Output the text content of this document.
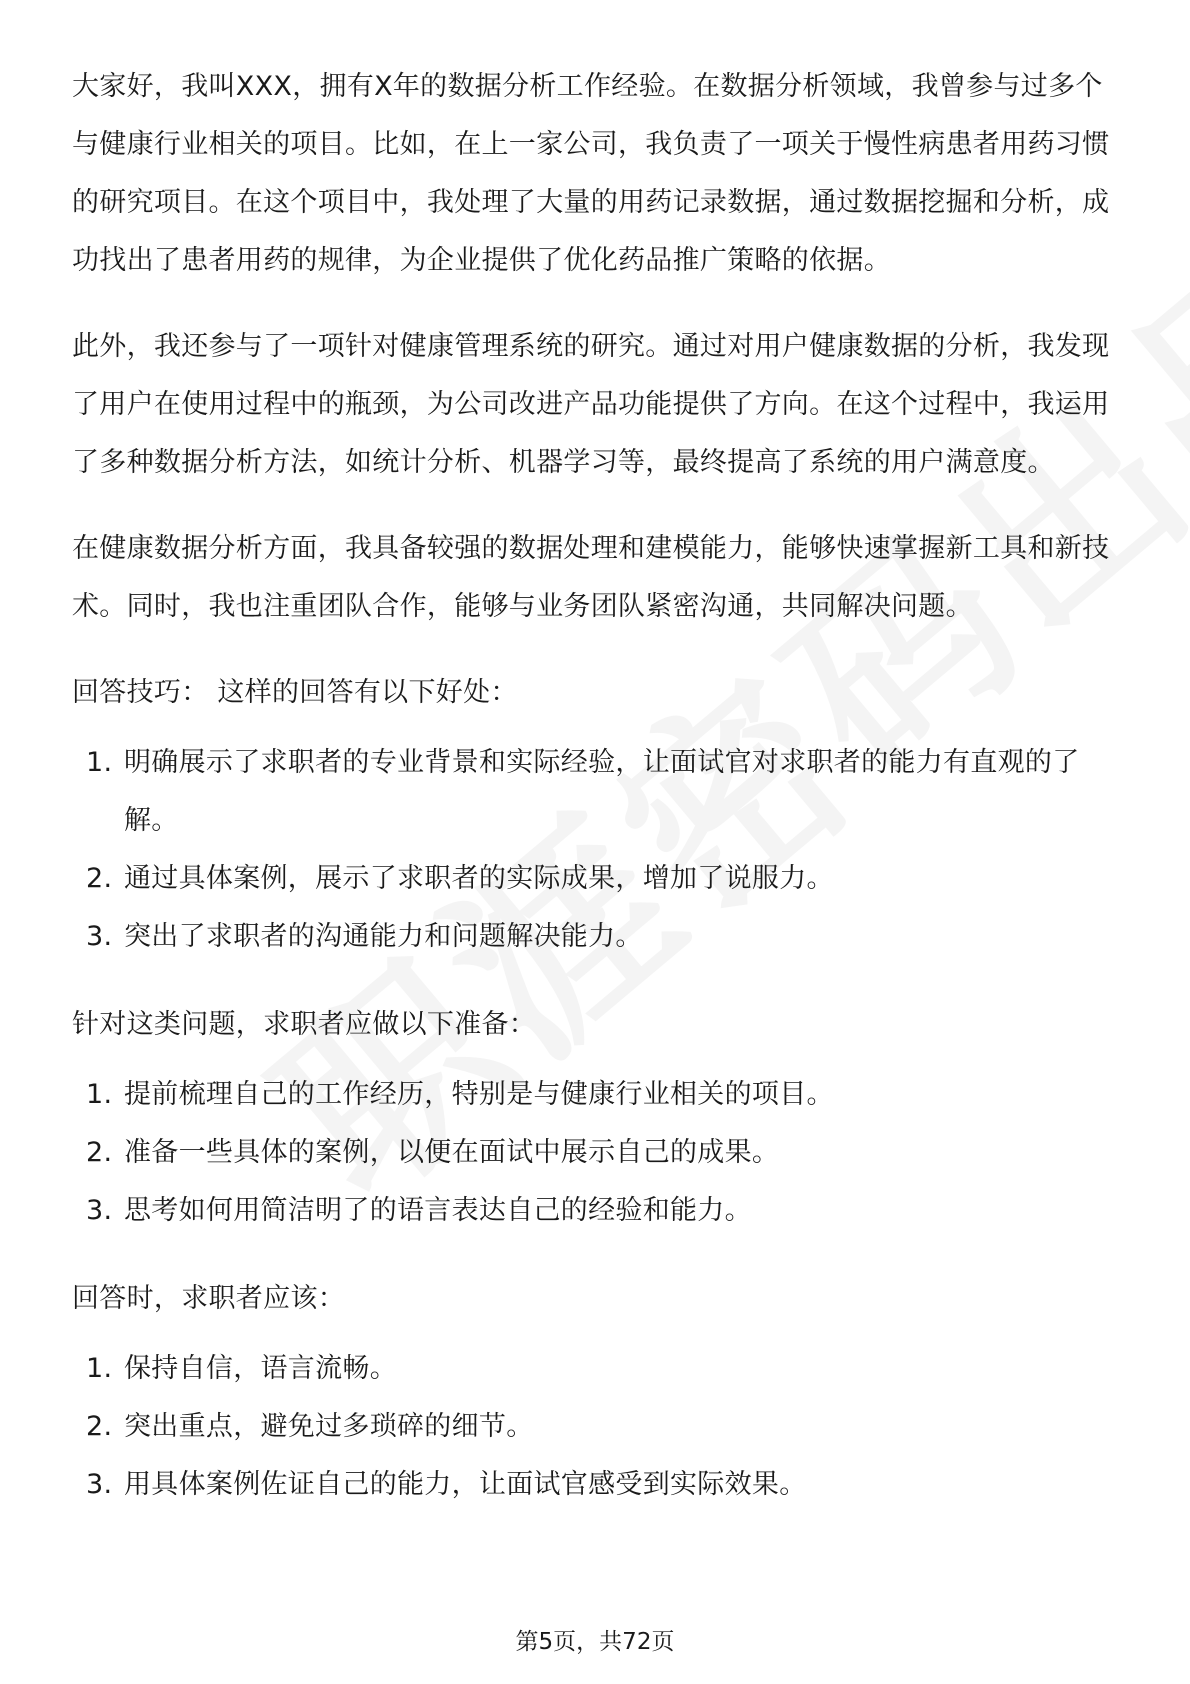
大家好，我叫XXX，拥有X年的数据分析工作经验。在数据分析领域，我曾参与过多个与健康行业相关的项目。比如，在上一家公司，我负责了一项关于慢性病患者用药习惯的研究项目。在这个项目中，我处理了大量的用药记录数据，通过数据挖掘和分析，成功找出了患者用药的规律，为企业提供了优化药品推广策略的依据。

此外，我还参与了一项针对健康管理系统的研究。通过对用户健康数据的分析，我发现了用户在使用过程中的瓶颈，为公司改进产品功能提供了方向。在这个过程中，我运用了多种数据分析方法，如统计分析、机器学习等，最终提高了系统的用户满意度。

在健康数据分析方面，我具备较强的数据处理和建模能力，能够快速掌握新工具和新技术。同时，我也注重团队合作，能够与业务团队紧密沟通，共同解决问题。

回答技巧： 这样的回答有以下好处：

1. 明确展示了求职者的专业背景和实际经验，让面试官对求职者的能力有直观的了解。
2. 通过具体案例，展示了求职者的实际成果，增加了说服力。
3. 突出了求职者的沟通能力和问题解决能力。

针对这类问题，求职者应做以下准备：

1. 提前梳理自己的工作经历，特别是与健康行业相关的项目。
2. 准备一些具体的案例，以便在面试中展示自己的成果。
3. 思考如何用简洁明了的语言表达自己的经验和能力。

回答时，求职者应该：

1. 保持自信，语言流畅。
2. 突出重点，避免过多琐碎的细节。
3. 用具体案例佐证自己的能力，让面试官感受到实际效果。
第5页，共72页
